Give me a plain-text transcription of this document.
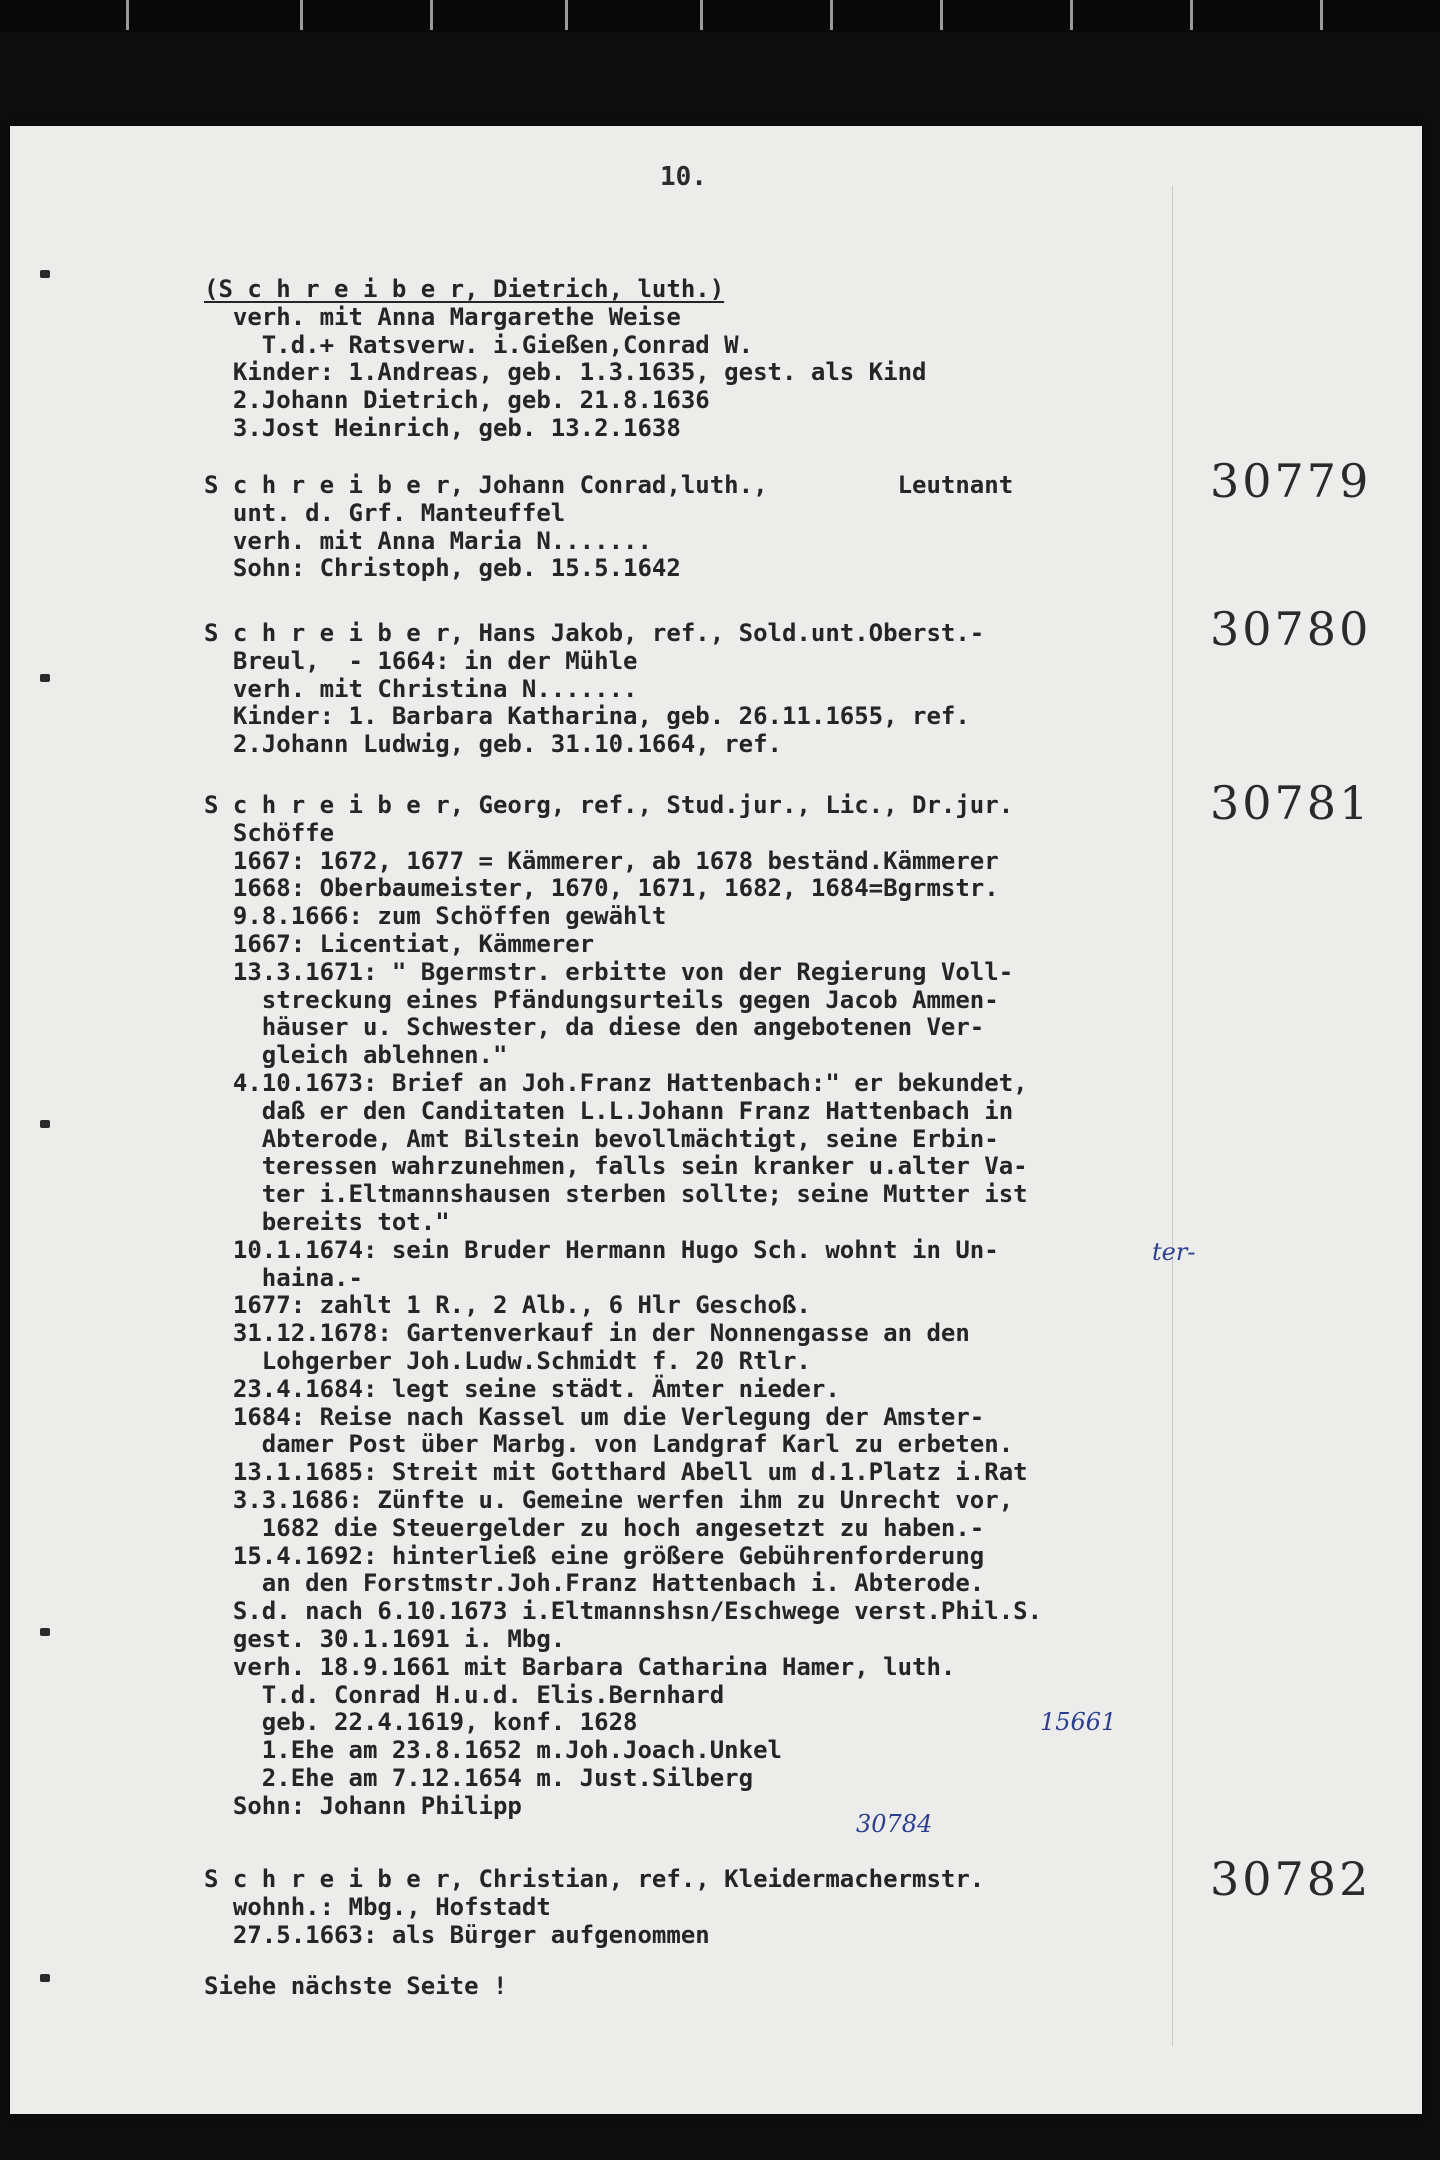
10.
(S c h r e i b e r, Dietrich, luth.)
verh. mit Anna Margarethe Weise
T.d.+ Ratsverw. i.Gießen,Conrad W.
Kinder: 1.Andreas, geb. 1.3.1635, gest. als Kind
2.Johann Dietrich, geb. 21.8.1636
3.Jost Heinrich, geb. 13.2.1638
30779
S c h r e i b e r, Johann Conrad,luth.,         Leutnant
unt. d. Grf. Manteuffel
verh. mit Anna Maria N.......
Sohn: Christoph, geb. 15.5.1642
30780
S c h r e i b e r, Hans Jakob, ref., Sold.unt.Oberst.-
Breul,  - 1664: in der Mühle
verh. mit Christina N.......
Kinder: 1. Barbara Katharina, geb. 26.11.1655, ref.
2.Johann Ludwig, geb. 31.10.1664, ref.
30781
S c h r e i b e r, Georg, ref., Stud.jur., Lic., Dr.jur.
Schöffe
1667: 1672, 1677 = Kämmerer, ab 1678 beständ.Kämmerer
1668: Oberbaumeister, 1670, 1671, 1682, 1684=Bgrmstr.
9.8.1666: zum Schöffen gewählt
1667: Licentiat, Kämmerer
13.3.1671: " Bgermstr. erbitte von der Regierung Voll-
streckung eines Pfändungsurteils gegen Jacob Ammen-
häuser u. Schwester, da diese den angebotenen Ver-
gleich ablehnen."
4.10.1673: Brief an Joh.Franz Hattenbach:" er bekundet,
daß er den Canditaten L.L.Johann Franz Hattenbach in
Abterode, Amt Bilstein bevollmächtigt, seine Erbin-
teressen wahrzunehmen, falls sein kranker u.alter Va-
ter i.Eltmannshausen sterben sollte; seine Mutter ist
bereits tot."
10.1.1674: sein Bruder Hermann Hugo Sch. wohnt in Un-
haina.-
1677: zahlt 1 R., 2 Alb., 6 Hlr Geschoß.
31.12.1678: Gartenverkauf in der Nonnengasse an den
Lohgerber Joh.Ludw.Schmidt f. 20 Rtlr.
23.4.1684: legt seine städt. Ämter nieder.
1684: Reise nach Kassel um die Verlegung der Amster-
damer Post über Marbg. von Landgraf Karl zu erbeten.
13.1.1685: Streit mit Gotthard Abell um d.1.Platz i.Rat
3.3.1686: Zünfte u. Gemeine werfen ihm zu Unrecht vor,
1682 die Steuergelder zu hoch angesetzt zu haben.-
15.4.1692: hinterließ eine größere Gebührenforderung
an den Forstmstr.Joh.Franz Hattenbach i. Abterode.
S.d. nach 6.10.1673 i.Eltmannshsn/Eschwege verst.Phil.S.
gest. 30.1.1691 i. Mbg.
verh. 18.9.1661 mit Barbara Catharina Hamer, luth.
T.d. Conrad H.u.d. Elis.Bernhard
geb. 22.4.1619, konf. 1628
1.Ehe am 23.8.1652 m.Joh.Joach.Unkel
2.Ehe am 7.12.1654 m. Just.Silberg
Sohn: Johann Philipp
ter-
15661
30784
30782
S c h r e i b e r, Christian, ref., Kleidermachermstr.
wohnh.: Mbg., Hofstadt
27.5.1663: als Bürger aufgenommen
Siehe nächste Seite !
